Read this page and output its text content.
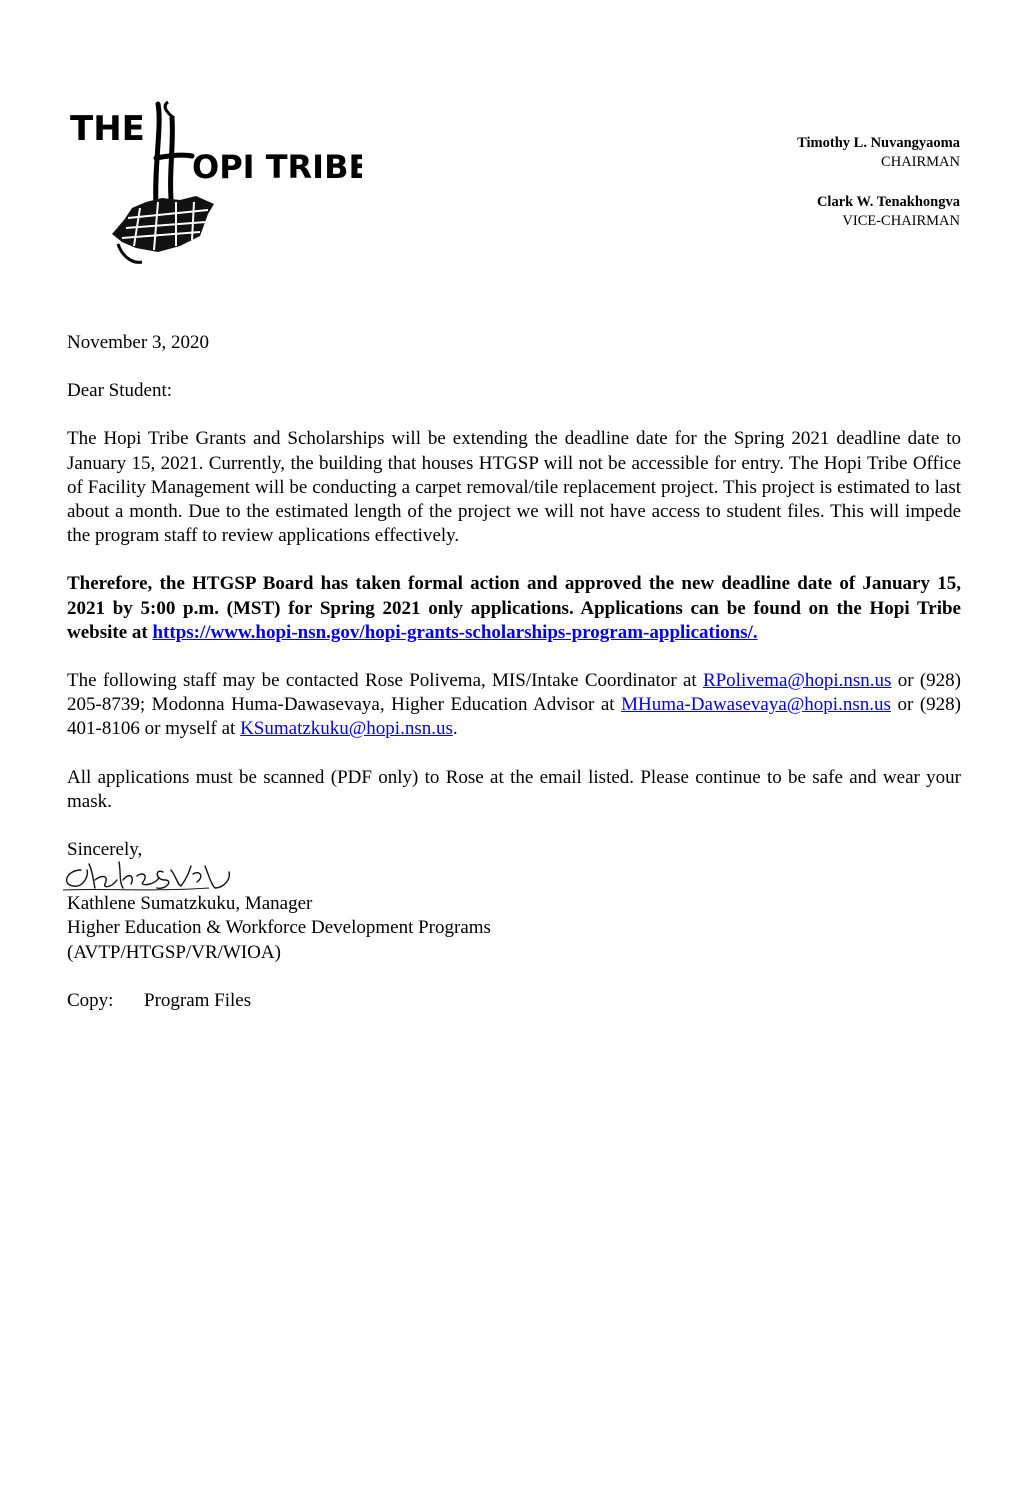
THE
OPI TRIBE
Timothy L. Nuvangyaoma
CHAIRMAN
Clark W. Tenakhongva
VICE-CHAIRMAN

November 3, 2020

Dear Student:

The Hopi Tribe Grants and Scholarships will be extending the deadline date for the Spring 2021 deadline date to January 15, 2021. Currently, the building that houses HTGSP will not be accessible for entry. The Hopi Tribe Office of Facility Management will be conducting a carpet removal/tile replacement project. This project is estimated to last about a month. Due to the estimated length of the project we will not have access to student files. This will impede the program staff to review applications effectively.

Therefore, the HTGSP Board has taken formal action and approved the new deadline date of January 15, 2021 by 5:00 p.m. (MST) for Spring 2021 only applications. Applications can be found on the Hopi Tribe website at https://www.hopi-nsn.gov/hopi-grants-scholarships-program-applications/.

The following staff may be contacted Rose Polivema, MIS/Intake Coordinator at RPolivema@hopi.nsn.us or (928) 205-8739; Modonna Huma-Dawasevaya, Higher Education Advisor at MHuma-Dawasevaya@hopi.nsn.us or (928) 401-8106 or myself at KSumatzkuku@hopi.nsn.us.

All applications must be scanned (PDF only) to Rose at the email listed. Please continue to be safe and wear your mask.

Sincerely,
Kathlene Sumatzkuku, Manager
Higher Education & Workforce Development Programs
(AVTP/HTGSP/VR/WIOA)
Copy: Program Files
